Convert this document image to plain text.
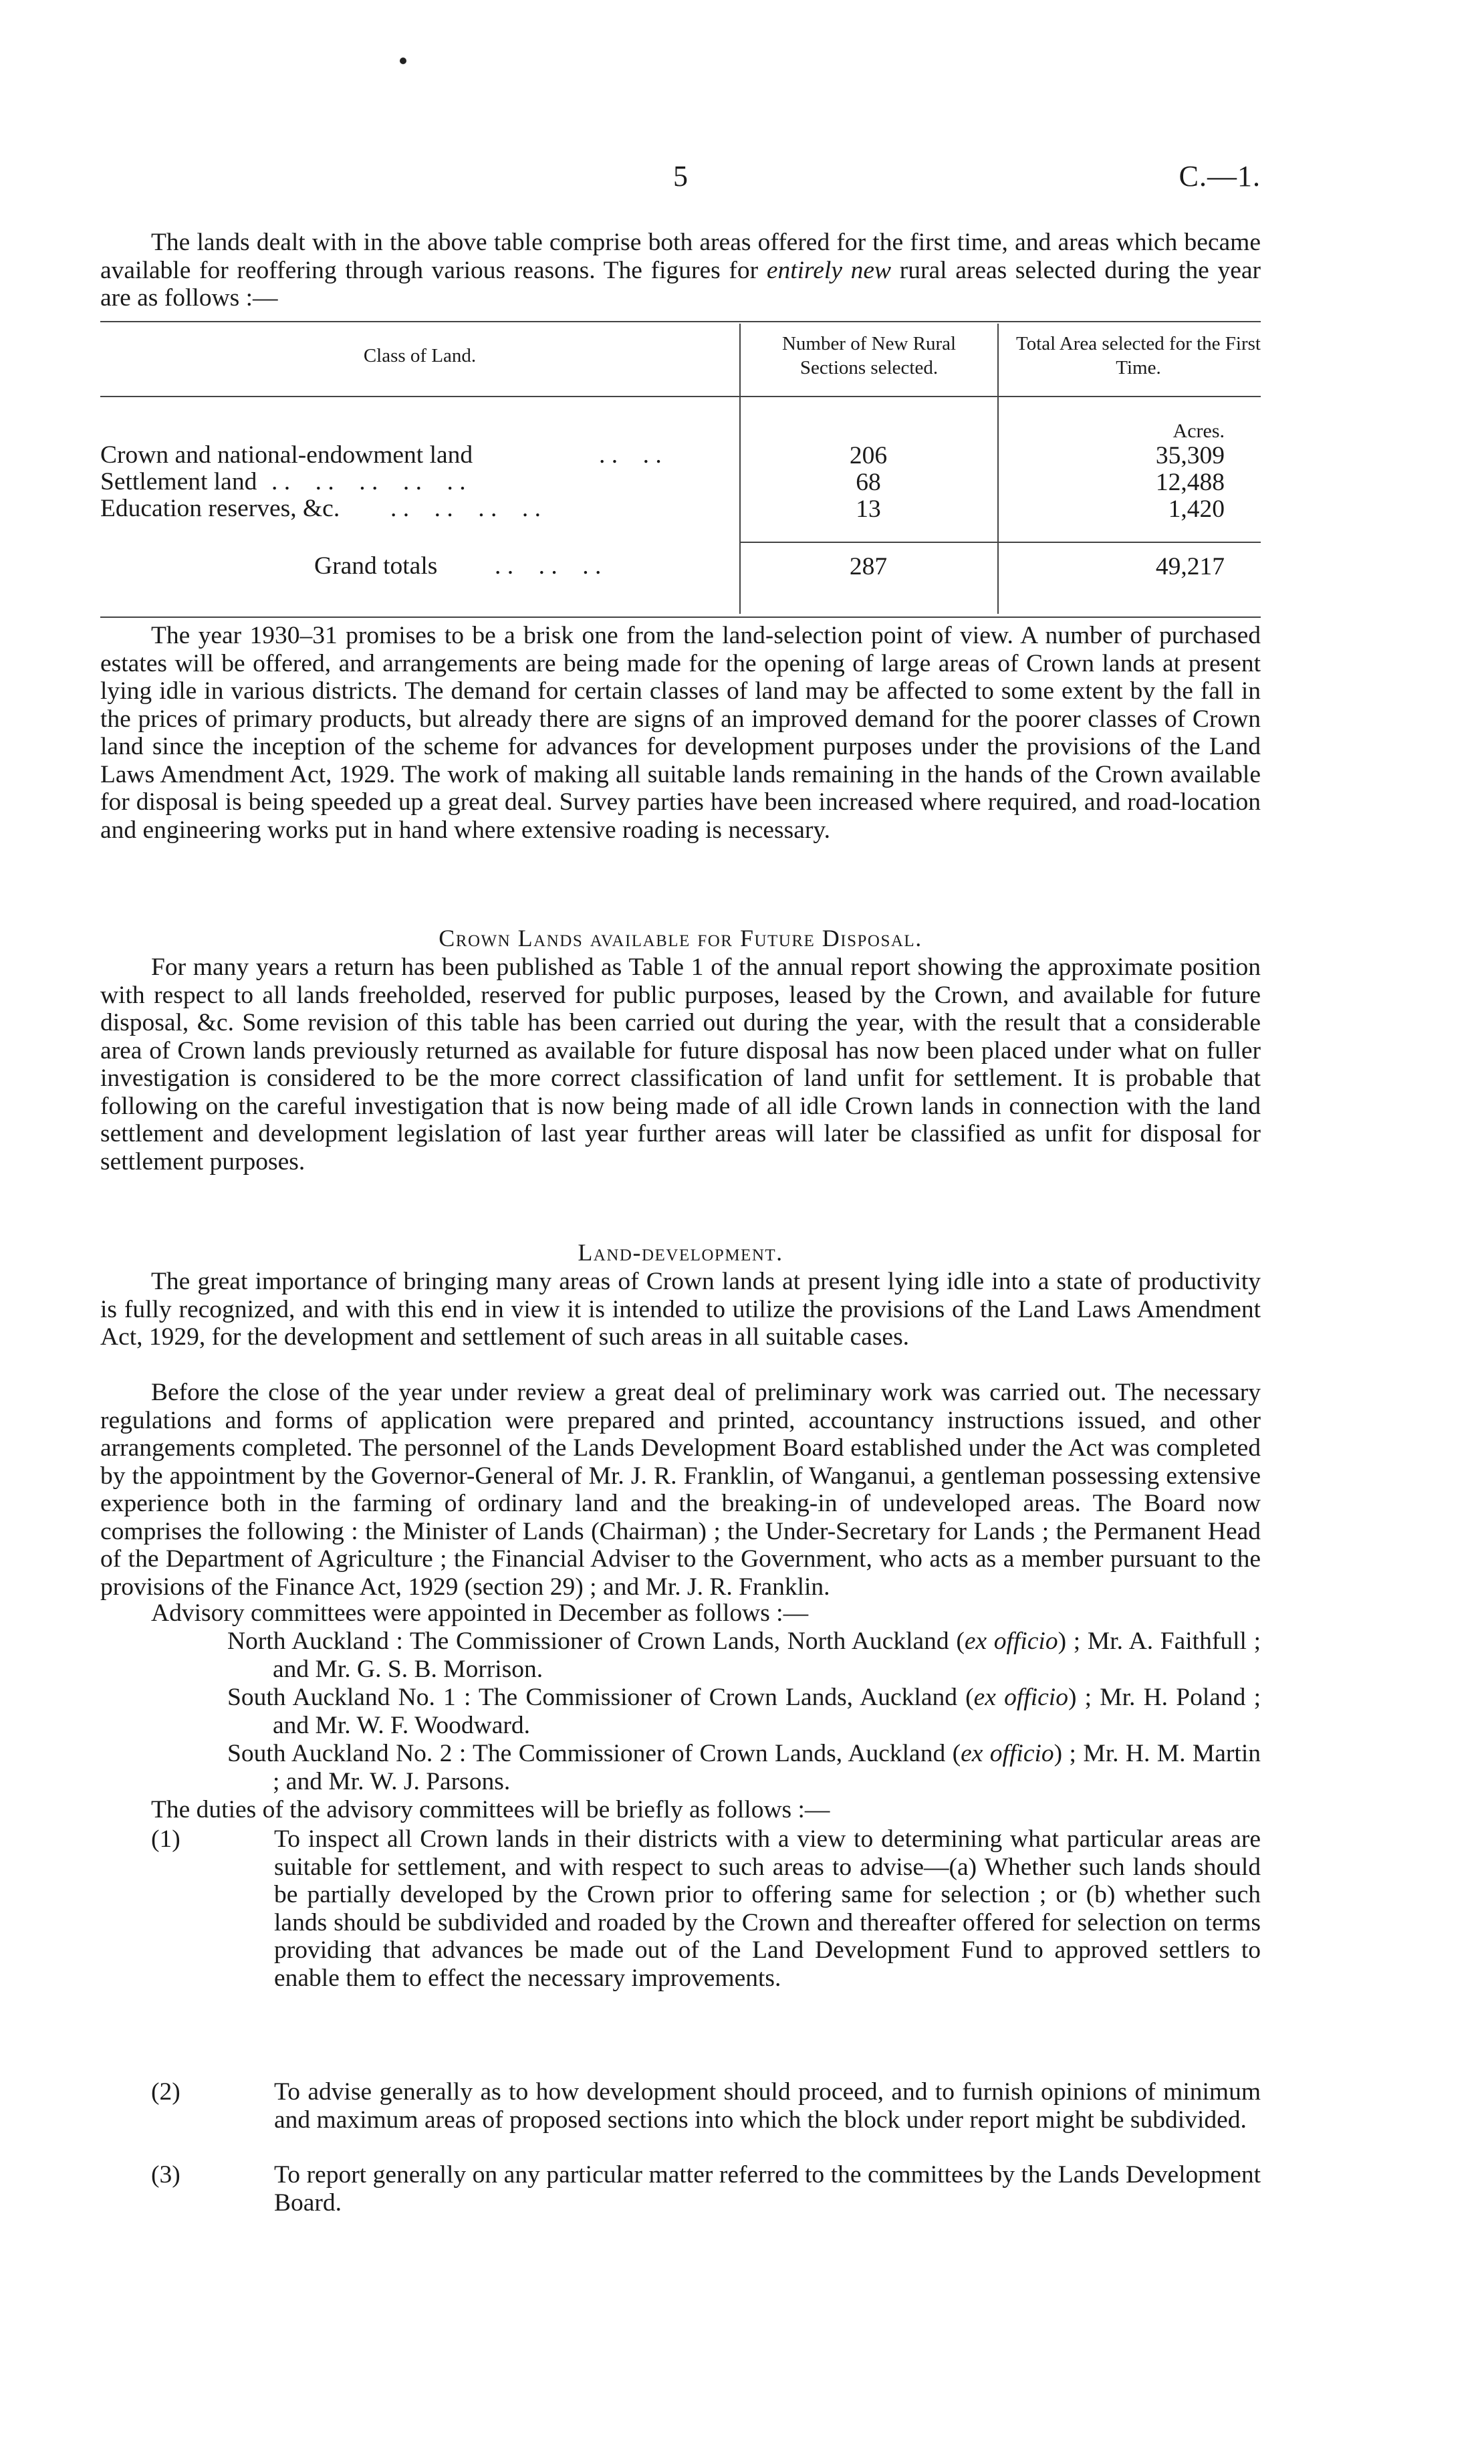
5	C.—1.

The lands dealt with in the above table comprise both areas offered for the first time, and areas which became available for reoffering through various reasons. The figures for entirely new rural areas selected during the year are as follows :—

Class of Land.
Number of New Rural Sections selected.
Total Area selected for the First Time.
Acres.
Crown and national-endowment land	. .    . .	206	35,309
Settlement land . .    . .    . .    . .    . .	68	12,488
Education reserves, &c. . .    . .    . .    . .	13	1,420
Grand totals . .    . .    . .	287	49,217

The year 1930–31 promises to be a brisk one from the land-selection point of view. A number of purchased estates will be offered, and arrangements are being made for the opening of large areas of Crown lands at present lying idle in various districts. The demand for certain classes of land may be affected to some extent by the fall in the prices of primary products, but already there are signs of an improved demand for the poorer classes of Crown land since the inception of the scheme for advances for development purposes under the provisions of the Land Laws Amendment Act, 1929. The work of making all suitable lands remaining in the hands of the Crown available for disposal is being speeded up a great deal. Survey parties have been increased where required, and road-location and engineering works put in hand where extensive roading is necessary.

Crown Lands available for Future Disposal.

For many years a return has been published as Table 1 of the annual report showing the approximate position with respect to all lands freeholded, reserved for public purposes, leased by the Crown, and available for future disposal, &c. Some revision of this table has been carried out during the year, with the result that a considerable area of Crown lands previously returned as available for future disposal has now been placed under what on fuller investigation is considered to be the more correct classification of land unfit for settlement. It is probable that following on the careful investigation that is now being made of all idle Crown lands in connection with the land settlement and development legislation of last year further areas will later be classified as unfit for disposal for settlement purposes.

Land-development.

The great importance of bringing many areas of Crown lands at present lying idle into a state of productivity is fully recognized, and with this end in view it is intended to utilize the provisions of the Land Laws Amendment Act, 1929, for the development and settlement of such areas in all suitable cases.

Before the close of the year under review a great deal of preliminary work was carried out. The necessary regulations and forms of application were prepared and printed, accountancy instructions issued, and other arrangements completed. The personnel of the Lands Development Board established under the Act was completed by the appointment by the Governor-General of Mr. J. R. Franklin, of Wanganui, a gentleman possessing extensive experience both in the farming of ordinary land and the breaking-in of undeveloped areas. The Board now comprises the following : the Minister of Lands (Chairman) ; the Under-Secretary for Lands ; the Permanent Head of the Department of Agriculture ; the Financial Adviser to the Government, who acts as a member pursuant to the provisions of the Finance Act, 1929 (section 29) ; and Mr. J. R. Franklin.

Advisory committees were appointed in December as follows :—

North Auckland : The Commissioner of Crown Lands, North Auckland (ex officio) ; Mr. A. Faithfull ; and Mr. G. S. B. Morrison.

South Auckland No. 1 : The Commissioner of Crown Lands, Auckland (ex officio) ; Mr. H. Poland ; and Mr. W. F. Woodward.

South Auckland No. 2 : The Commissioner of Crown Lands, Auckland (ex officio) ; Mr. H. M. Martin ; and Mr. W. J. Parsons.

The duties of the advisory committees will be briefly as follows :—

(1)	To inspect all Crown lands in their districts with a view to determining what particular areas are suitable for settlement, and with respect to such areas to advise—(a) Whether such lands should be partially developed by the Crown prior to offering same for selection ; or (b) whether such lands should be subdivided and roaded by the Crown and thereafter offered for selection on terms providing that advances be made out of the Land Development Fund to approved settlers to enable them to effect the necessary improvements.
(2)	To advise generally as to how development should proceed, and to furnish opinions of minimum and maximum areas of proposed sections into which the block under report might be subdivided.
(3)	To report generally on any particular matter referred to the committees by the Lands Development Board.
